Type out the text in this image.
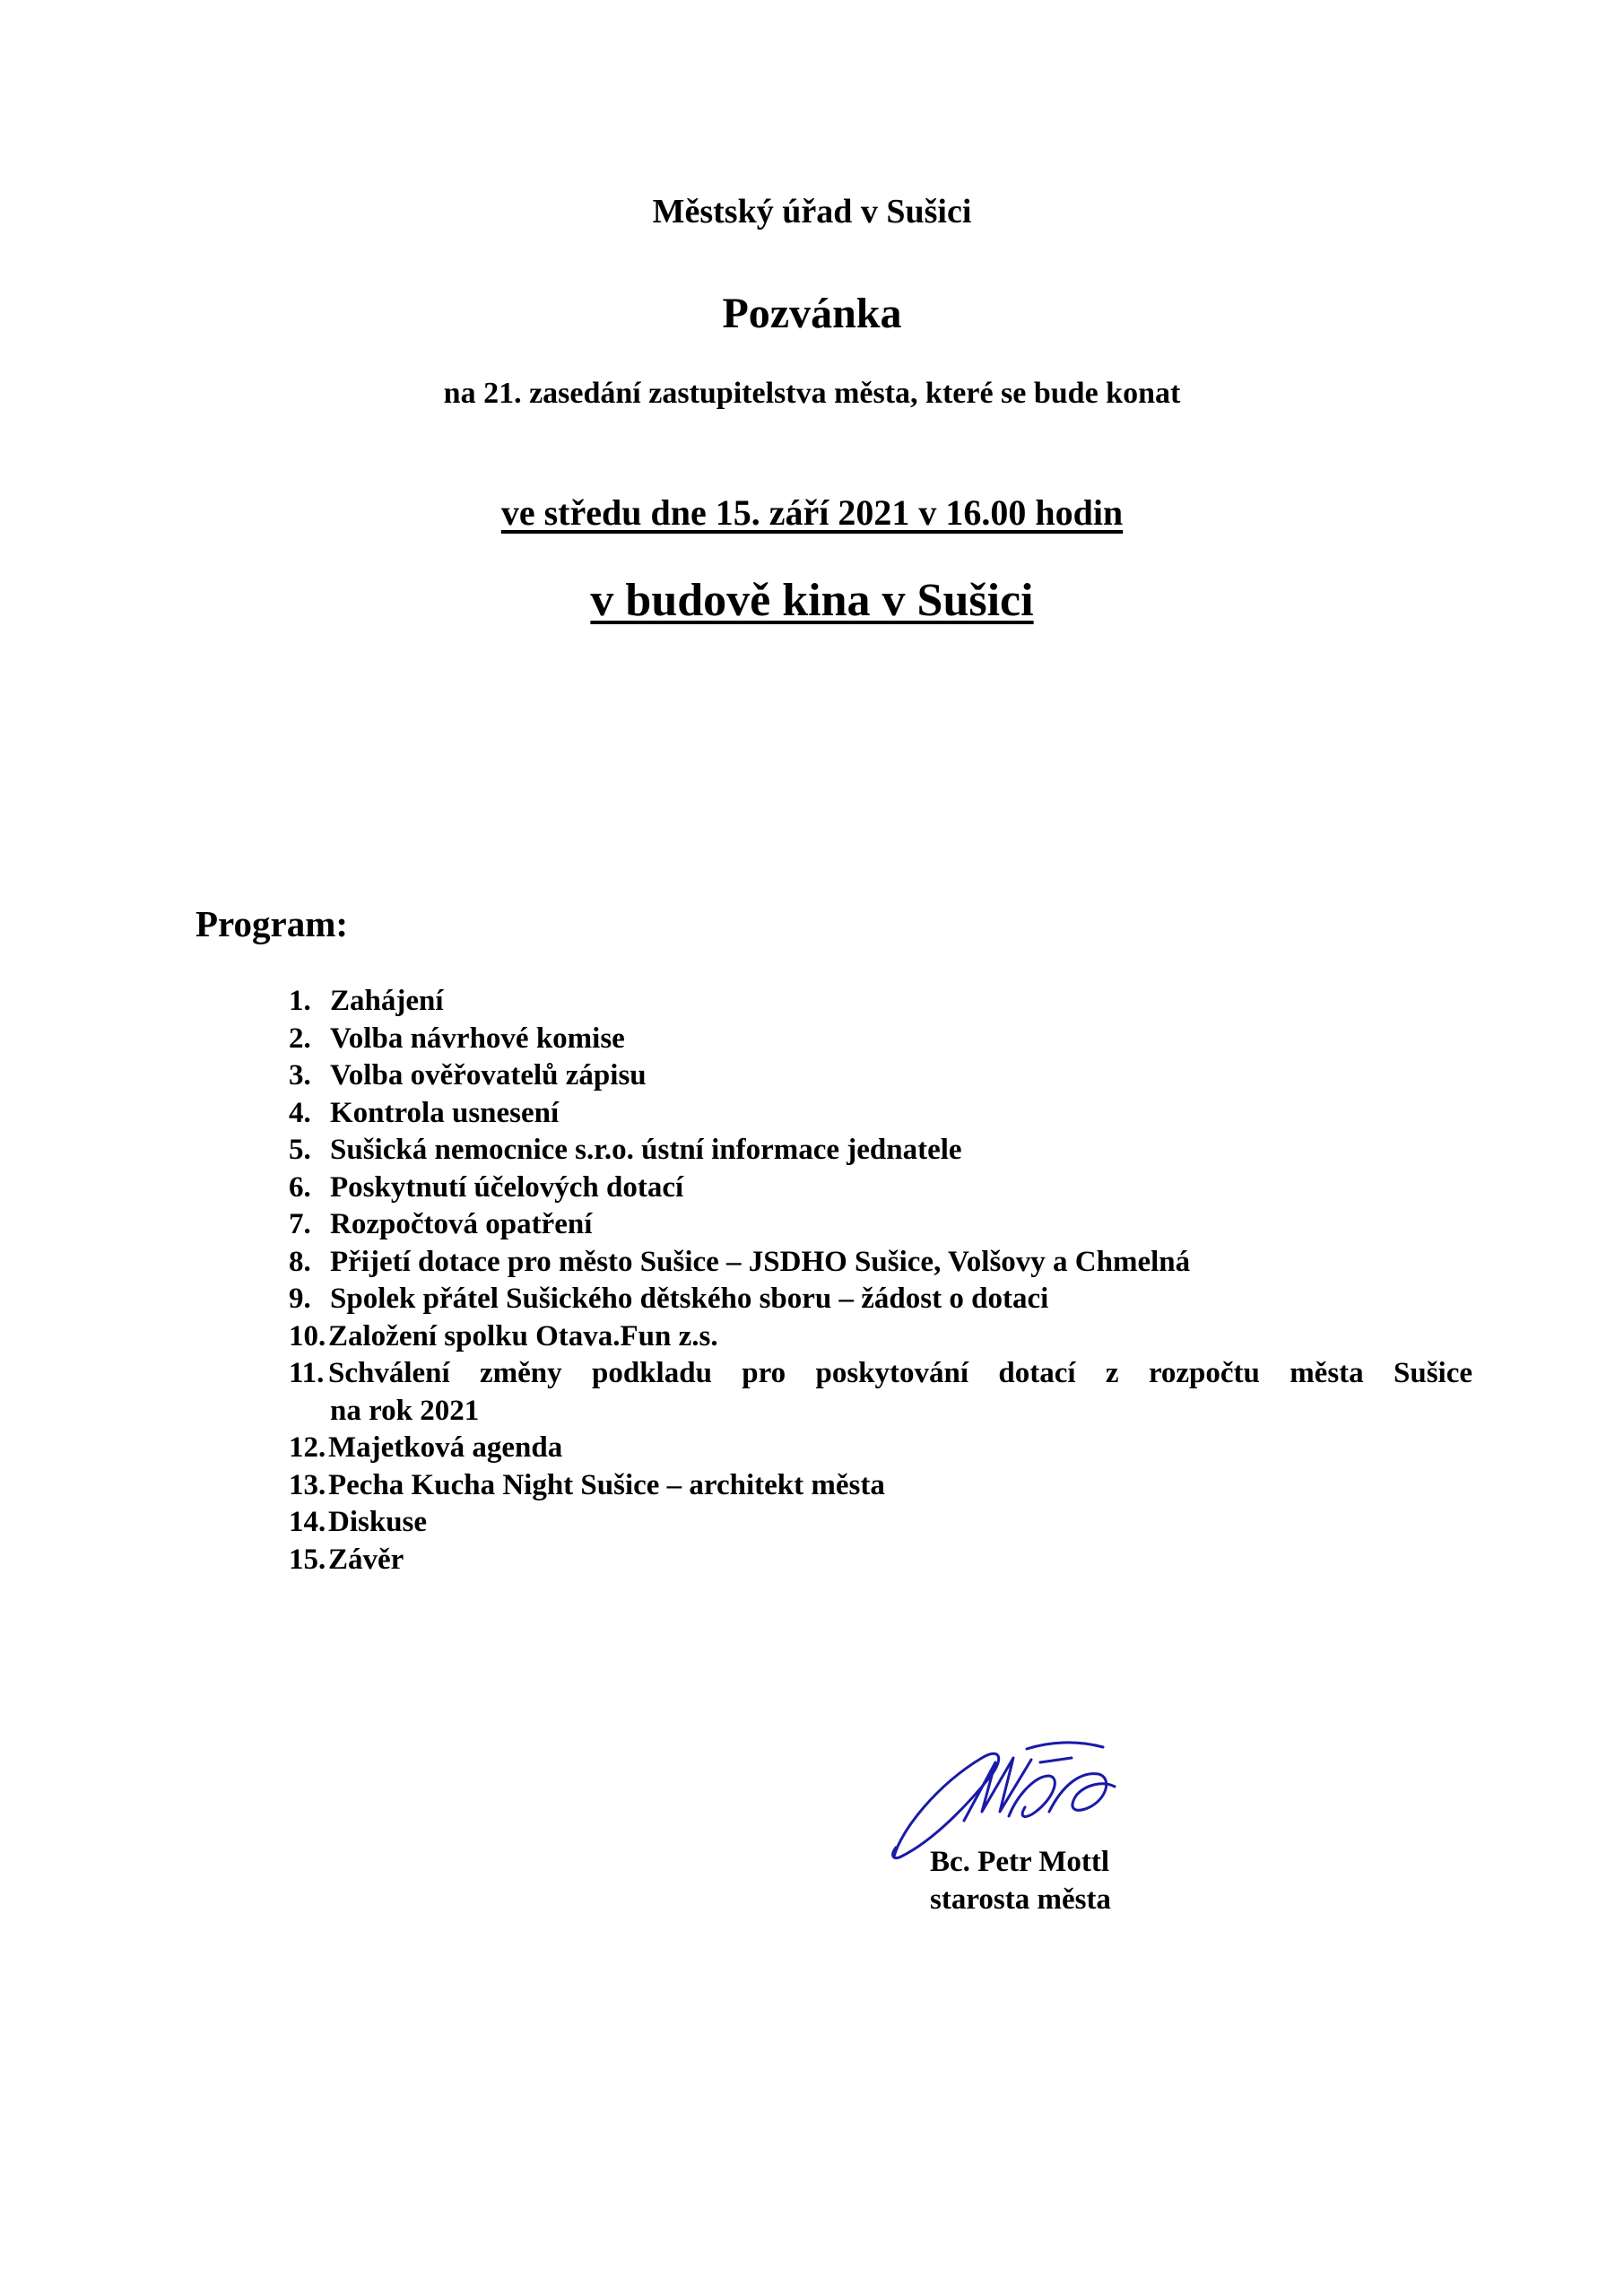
Městský úřad v Sušici
Pozvánka
na 21. zasedání zastupitelstva města, které se bude konat
ve středu dne 15. září 2021 v 16.00 hodin
v budově kina v Sušici
Program:
1. Zahájení
2. Volba návrhové komise
3. Volba ověřovatelů zápisu
4. Kontrola usnesení
5. Sušická nemocnice s.r.o. ústní informace jednatele
6. Poskytnutí účelových dotací
7. Rozpočtová opatření
8. Přijetí dotace pro město Sušice – JSDHO Sušice, Volšovy a Chmelná
9. Spolek přátel Sušického dětského sboru – žádost o dotaci
10. Založení spolku Otava.Fun z.s.
11. Schválení změny podkladu pro poskytování dotací z rozpočtu města Sušice
na rok 2021
12. Majetková agenda
13. Pecha Kucha Night Sušice – architekt města
14. Diskuse
15. Závěr
Bc. Petr Mottl
starosta města
